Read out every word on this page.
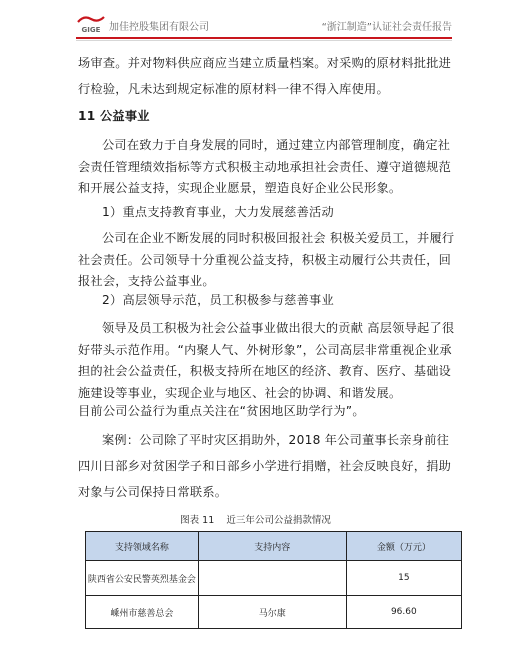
GIGE 加佳控股集团有限公司	“浙江制造”认证社会责任报告

场审查。并对物料供应商应当建立质量档案。对采购的原材料批批进行检验，凡未达到规定标准的原材料一律不得入库使用。

11 公益事业

公司在致力于自身发展的同时，通过建立内部管理制度，确定社会责任管理绩效指标等方式积极主动地承担社会责任、遵守道德规范和开展公益支持，实现企业愿景，塑造良好企业公民形象。

1）重点支持教育事业，大力发展慈善活动

公司在企业不断发展的同时积极回报社会 积极关爱员工，并履行社会责任。公司领导十分重视公益支持，积极主动履行公共责任，回报社会，支持公益事业。

2）高层领导示范，员工积极参与慈善事业

领导及员工积极为社会公益事业做出很大的贡献 高层领导起了很好带头示范作用。“内聚人气、外树形象”，公司高层非常重视企业承担的社会公益责任，积极支持所在地区的经济、教育、医疗、基础设施建设等事业，实现企业与地区、社会的协调、和谐发展。

目前公司公益行为重点关注在“贫困地区助学行为”。

案例：公司除了平时灾区捐助外，2018 年公司董事长亲身前往四川日部乡对贫困学子和日部乡小学进行捐赠，社会反映良好，捐助对象与公司保持日常联系。

图表 11    近三年公司公益捐款情况
支持领域名称	支持内容	金额（万元）
陕西省公安民警英烈基金会		15
嵊州市慈善总会	马尔康	96.60
